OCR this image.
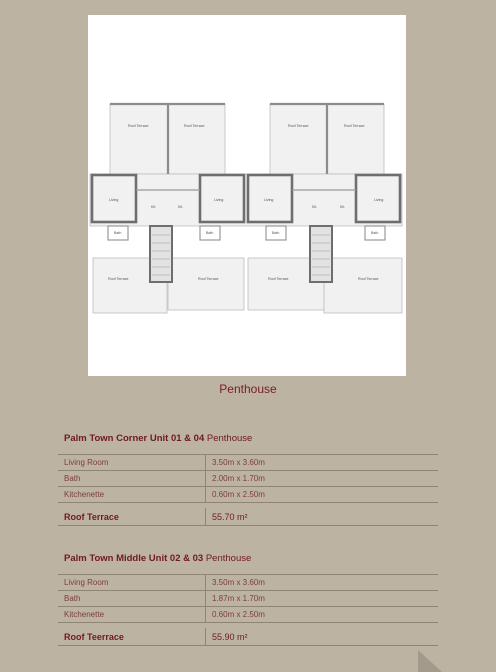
Roof Terrace	Roof Terrace	Roof Terrace	Roof Terrace
Roof Terrace	Roof Terrace	Roof Terrace	Roof Terrace
Living	Living	Living	Living
Kit.	Kit.	Kit.	Kit.
Bath	Bath	Bath	Bath
Penthouse
Palm Town Corner Unit 01 & 04 Penthouse
Living Room	3.50m x 3.60m
Bath	2.00m x 1.70m
Kitchenette	0.60m x 2.50m
Roof Terrace	55.70 m²
Palm Town Middle Unit 02 & 03 Penthouse
Living Room	3.50m x 3.60m
Bath	1.87m x 1.70m
Kitchenette	0.60m x 2.50m
Roof Teerrace	55.90 m²
